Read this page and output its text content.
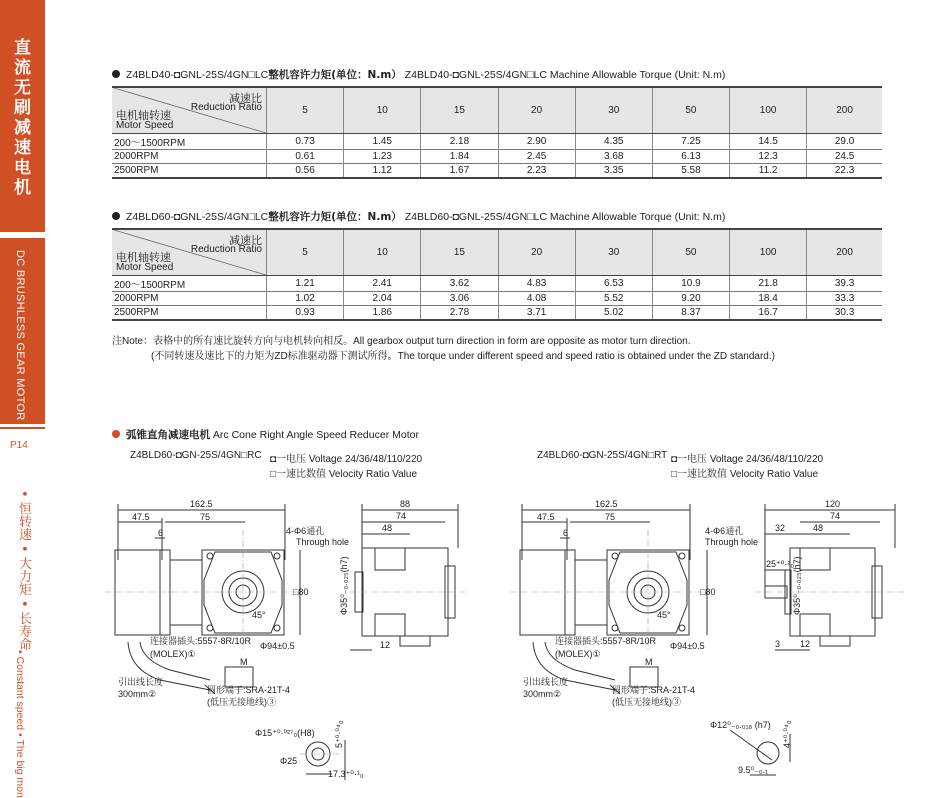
直
流
无
刷
减
速
电
机
DC BRUSHLESS GEAR MOTOR
P14
• 恒转速 • 大力矩 • 长寿命
• Constant speed • The big mon
Z4BLD40-◘GNL-25S/4GN□LC整机容许力矩(单位：N.m） Z4BLD40-◘GNL-25S/4GN□LC Machine Allowable Torque (Unit: N.m)
减速比
Reduction Ratio
电机轴转速
Motor Speed	5	10	15	20	30	50	100	200
200～1500RPM	0.73	1.45	2.18	2.90	4.35	7.25	14.5	29.0
2000RPM	0.61	1.23	1.84	2.45	3.68	6.13	12.3	24.5
2500RPM	0.56	1.12	1.67	2.23	3.35	5.58	11.2	22.3
Z4BLD60-◘GNL-25S/4GN□LC整机容许力矩(单位：N.m） Z4BLD60-◘GNL-25S/4GN□LC Machine Allowable Torque (Unit: N.m)
减速比
Reduction Ratio
电机轴转速
Motor Speed	5	10	15	20	30	50	100	200
200～1500RPM	1.21	2.41	3.62	4.83	6.53	10.9	21.8	39.3
2000RPM	1.02	2.04	3.06	4.08	5.52	9.20	18.4	33.3
2500RPM	0.93	1.86	2.78	3.71	5.02	8.37	16.7	30.3
注Note：表格中的所有速比旋转方向与电机转向相反。All gearbox output turn direction in form are opposite as motor turn direction.
(不同转速及速比下的力矩为ZD标准驱动器下测试所得。The torque under different speed and speed ratio is obtained under the ZD standard.)
弧锥直角减速电机 Arc Cone Right Angle Speed Reducer Motor
Z4BLD60-◘GN-25S/4GN□RC ◘一电压 Voltage 24/36/48/110/220
□一速比数值 Velocity Ratio Value
Z4BLD60-◘GN-25S/4GN□RT ◘一电压 Voltage 24/36/48/110/220
□一速比数值 Velocity Ratio Value
162.5
47.5	75
6	4-Φ6通孔
Through hole
□80
45°
Φ94±0.5
连接器插头:5557-8R/10R
(MOLEX)①
M
引出线长度
300mm②	圆形端子:SRA-21T-4
(低压无接地线)③
88
74
48
12
Φ35⁰₋₀.₀₂₅(h7)
Φ15⁺⁰·⁰²⁷₀(H8)
Φ25
5⁺⁰·⁰⁴₀
17.3⁺⁰·¹₀
162.5
47.5	75
6	4-Φ6通孔
Through hole
□80
45°
Φ94±0.5
连接器插头:5557-8R/10R
(MOLEX)①
M
引出线长度
300mm②	圆形端子:SRA-21T-4
(低压无接地线)③
120
74
48
32
25⁺⁰·²₀
3 12
Φ35⁰₋₀.₀₂₅(h7)
Φ12⁰₋₀.₀₁₈ (h7) 4⁺⁰·⁰⁴₀
9.5⁰₋₀.₁
